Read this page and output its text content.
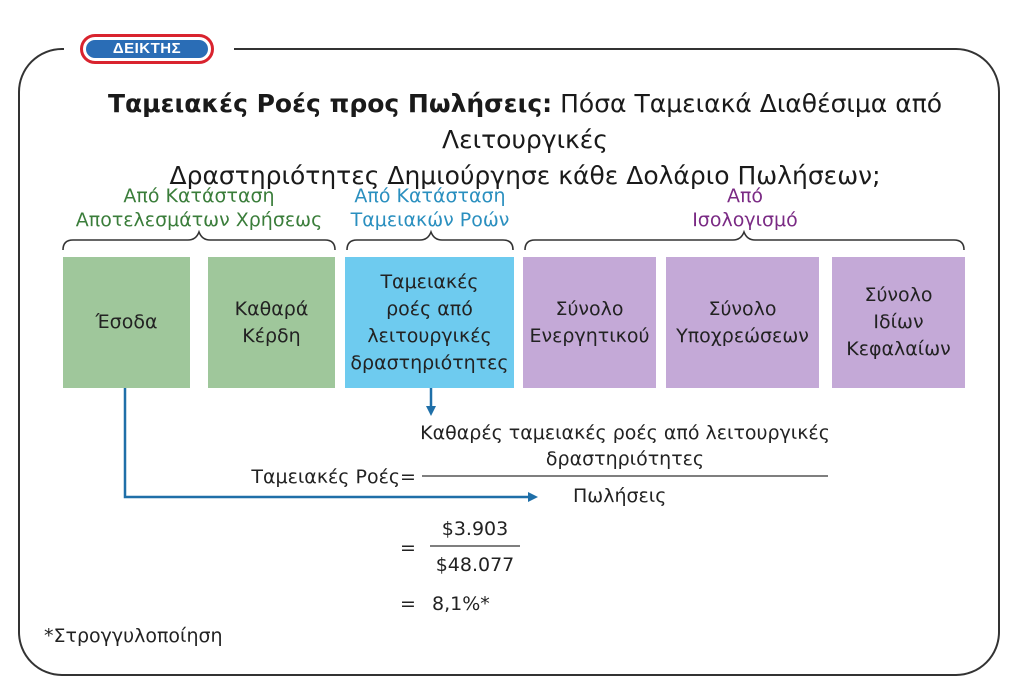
ΔΕΙΚΤΗΣ
Ταμειακές Ροές προς Πωλήσεις: Πόσα Ταμειακά Διαθέσιμα από Λειτουργικές
Δραστηριότητες Δημιούργησε κάθε Δολάριο Πωλήσεων;
Από Κατάσταση
Αποτελεσμάτων Χρήσεως
Από Κατάσταση
Ταμειακών Ροών
Από
Ισολογισμό
Έσοδα
Καθαρά
Κέρδη
Ταμειακές
ροές από
λειτουργικές
δραστηριότητες
Σύνολο
Ενεργητικού
Σύνολο
Υποχρεώσεων
Σύνολο
Ιδίων
Κεφαλαίων
Ταμειακές Ροές =
Καθαρές ταμειακές ροές από λειτουργικές
δραστηριότητες
Πωλήσεις
=
$3.903
$48.077
= 8,1%*
*Στρογγυλοποίηση
